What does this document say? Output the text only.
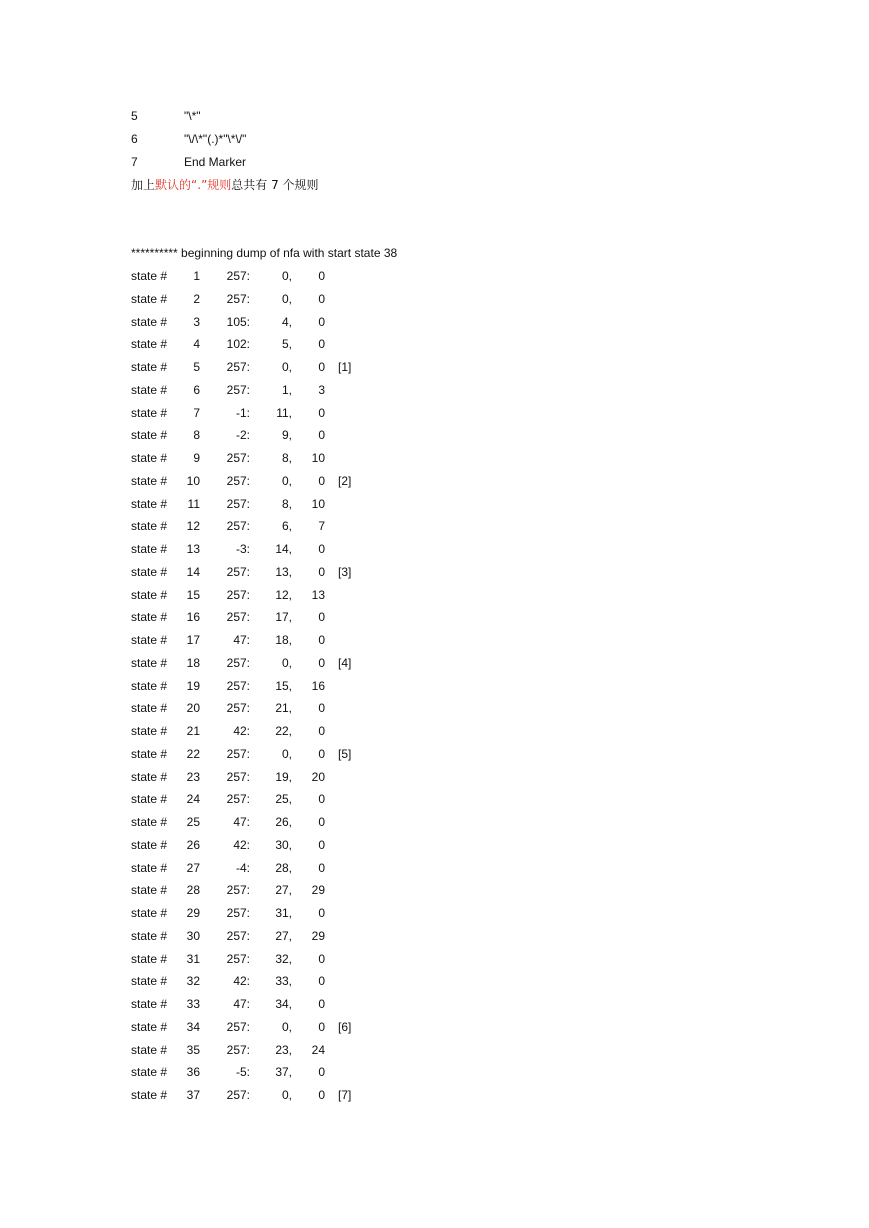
5

	"\*"

6

	"\/\*"(.)*"\*\/"

7

	End Marker

加上默认的“.”规则总共有 7 个规则
********** beginning dump of nfa with start state 38
state # 1 257:	0, 0
state # 2 257:	0, 0
state # 3 105:	4, 0
state # 4 102:	5, 0
state # 5 257:	0, 0 [1]
state # 6 257:	1, 3
state # 7	-1: 11, 0
state # 8	-2:	9, 0
state # 9 257:	8, 10
state # 10 257:	0, 0 [2]
state # 11 257:	8, 10
state # 12 257:	6, 7
state # 13	-3: 14, 0
state # 14 257: 13, 0 [3]
state # 15 257: 12, 13
state # 16 257: 17, 0
state # 17	47: 18, 0
state # 18 257:	0, 0 [4]
state # 19 257: 15, 16
state # 20 257: 21, 0
state # 21	42: 22, 0
state # 22 257:	0, 0 [5]
state # 23 257: 19, 20
state # 24 257: 25, 0
state # 25	47: 26, 0
state # 26	42: 30, 0
state # 27	-4: 28, 0
state # 28 257: 27, 29
state # 29 257: 31, 0
state # 30 257: 27, 29
state # 31 257: 32, 0
state # 32	42: 33, 0
state # 33	47: 34, 0
state # 34 257:	0, 0 [6]
state # 35 257: 23, 24
state # 36	-5: 37, 0
state # 37 257:	0, 0 [7]
